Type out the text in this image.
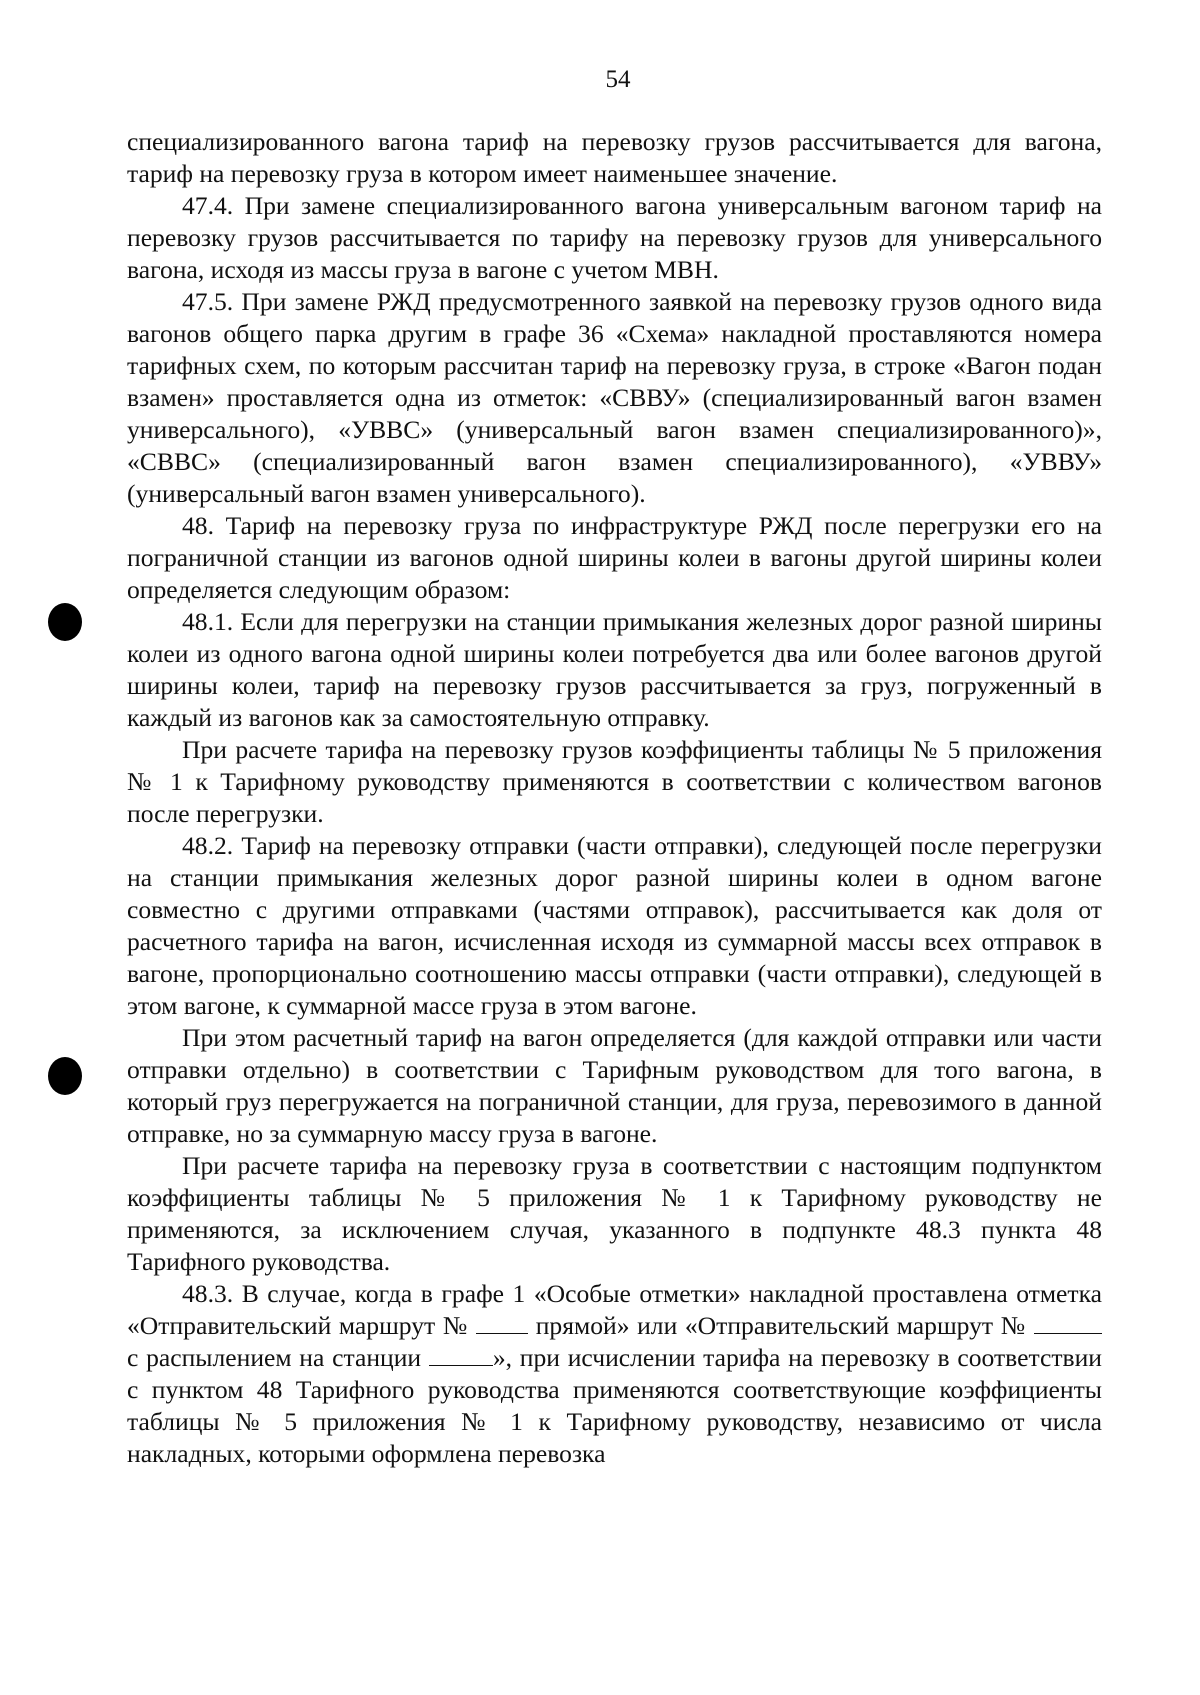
54

специализированного вагона тариф на перевозку грузов рассчитывается для вагона, тариф на перевозку груза в котором имеет наименьшее значение.

47.4. При замене специализированного вагона универсальным вагоном тариф на перевозку грузов рассчитывается по тарифу на перевозку грузов для универсального вагона, исходя из массы груза в вагоне с учетом МВН.

47.5. При замене РЖД предусмотренного заявкой на перевозку грузов одного вида вагонов общего парка другим в графе 36 «Схема» накладной проставляются номера тарифных схем, по которым рассчитан тариф на перевозку груза, в строке «Вагон подан взамен» проставляется одна из отметок: «СВВУ» (специализированный вагон взамен универсального), «УВВС» (универсальный вагон взамен специализированного)», «СВВС» (специализированный вагон взамен специализированного), «УВВУ» (универсальный вагон взамен универсального).

48. Тариф на перевозку груза по инфраструктуре РЖД после перегрузки его на пограничной станции из вагонов одной ширины колеи в вагоны другой ширины колеи определяется следующим образом:

48.1. Если для перегрузки на станции примыкания железных дорог разной ширины колеи из одного вагона одной ширины колеи потребуется два или более вагонов другой ширины колеи, тариф на перевозку грузов рассчитывается за груз, погруженный в каждый из вагонов как за самостоятельную отправку.

При расчете тарифа на перевозку грузов коэффициенты таблицы № 5 приложения № 1 к Тарифному руководству применяются в соответствии с количеством вагонов после перегрузки.

48.2. Тариф на перевозку отправки (части отправки), следующей после перегрузки на станции примыкания железных дорог разной ширины колеи в одном вагоне совместно с другими отправками (частями отправок), рассчитывается как доля от расчетного тарифа на вагон, исчисленная исходя из суммарной массы всех отправок в вагоне, пропорционально соотношению массы отправки (части отправки), следующей в этом вагоне, к суммарной массе груза в этом вагоне.

При этом расчетный тариф на вагон определяется (для каждой отправки или части отправки отдельно) в соответствии с Тарифным руководством для того вагона, в который груз перегружается на пограничной станции, для груза, перевозимого в данной отправке, но за суммарную массу груза в вагоне.

При расчете тарифа на перевозку груза в соответствии с настоящим подпунктом коэффициенты таблицы № 5 приложения № 1 к Тарифному руководству не применяются, за исключением случая, указанного в подпункте 48.3 пункта 48 Тарифного руководства.

48.3. В случае, когда в графе 1 «Особые отметки» накладной проставлена отметка «Отправительский маршрут №	прямой» или «Отправительский маршрут №  с распылением на станции	», при исчислении тарифа на перевозку в соответствии с пунктом 48 Тарифного руководства применяются соответствующие коэффициенты таблицы № 5 приложения № 1 к Тарифному руководству, независимо от числа накладных, которыми оформлена перевозка
